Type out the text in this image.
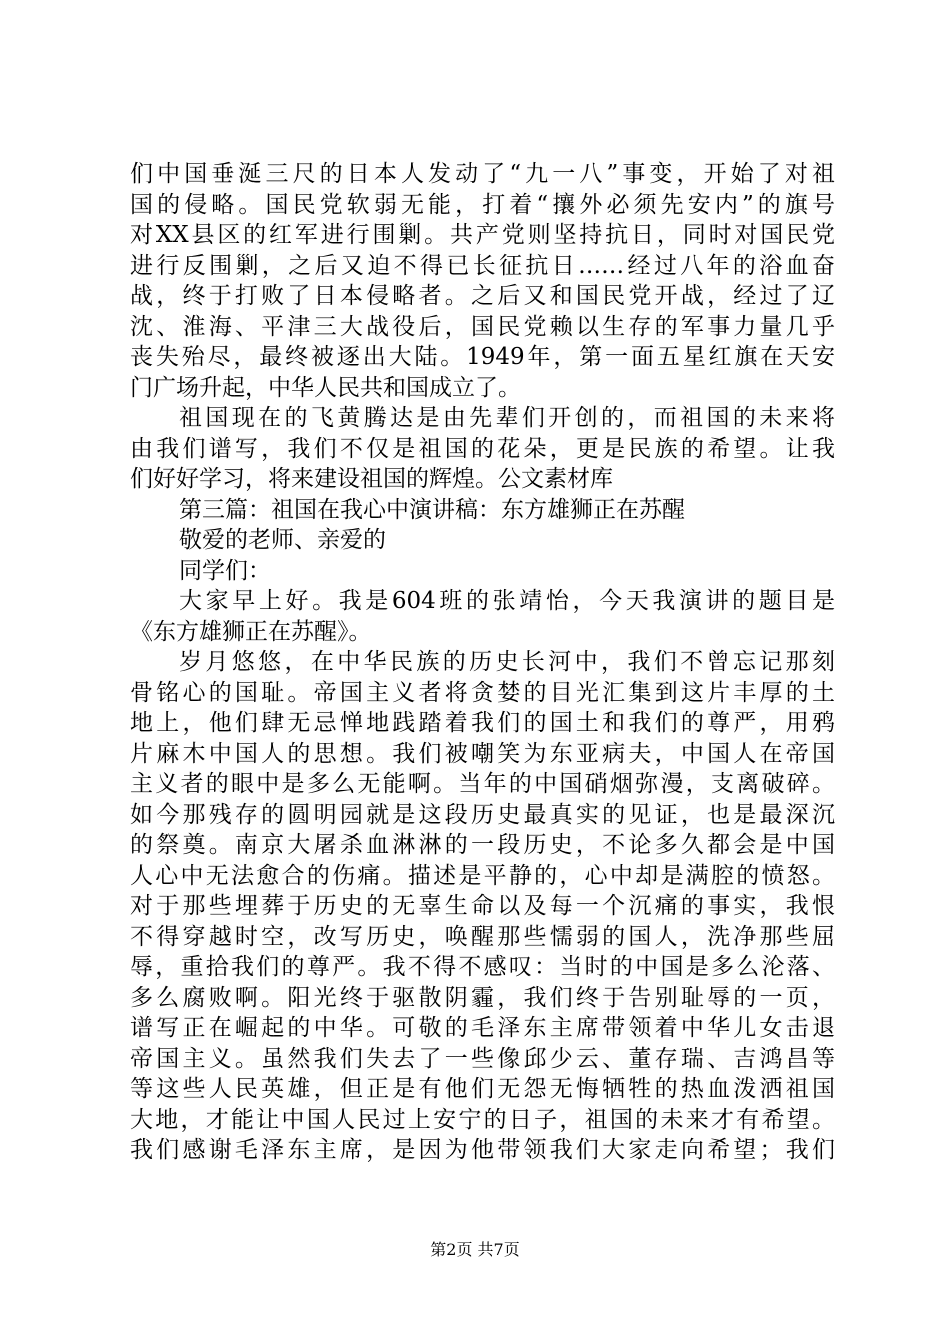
们中国垂涎三尺的日本人发动了“九一八”事变，开始了对祖
国的侵略。国民党软弱无能，打着“攘外必须先安内”的旗号
对XX县区的红军进行围剿。共产党则坚持抗日，同时对国民党
进行反围剿，之后又迫不得已长征抗日……经过八年的浴血奋
战，终于打败了日本侵略者。之后又和国民党开战，经过了辽
沈、淮海、平津三大战役后，国民党赖以生存的军事力量几乎
丧失殆尽，最终被逐出大陆。1949年，第一面五星红旗在天安
门广场升起，中华人民共和国成立了。
祖国现在的飞黄腾达是由先辈们开创的，而祖国的未来将
由我们谱写，我们不仅是祖国的花朵，更是民族的希望。让我
们好好学习，将来建设祖国的辉煌。公文素材库
第三篇：祖国在我心中演讲稿：东方雄狮正在苏醒
敬爱的老师、亲爱的
同学们：
大家早上好。我是604班的张靖怡，今天我演讲的题目是
《东方雄狮正在苏醒》。
岁月悠悠，在中华民族的历史长河中，我们不曾忘记那刻
骨铭心的国耻。帝国主义者将贪婪的目光汇集到这片丰厚的土
地上，他们肆无忌惮地践踏着我们的国土和我们的尊严，用鸦
片麻木中国人的思想。我们被嘲笑为东亚病夫，中国人在帝国
主义者的眼中是多么无能啊。当年的中国硝烟弥漫，支离破碎。
如今那残存的圆明园就是这段历史最真实的见证，也是最深沉
的祭奠。南京大屠杀血淋淋的一段历史，不论多久都会是中国
人心中无法愈合的伤痛。描述是平静的，心中却是满腔的愤怒。
对于那些埋葬于历史的无辜生命以及每一个沉痛的事实，我恨
不得穿越时空，改写历史，唤醒那些懦弱的国人，洗净那些屈
辱，重拾我们的尊严。我不得不感叹：当时的中国是多么沦落、
多么腐败啊。阳光终于驱散阴霾，我们终于告别耻辱的一页，
谱写正在崛起的中华。可敬的毛泽东主席带领着中华儿女击退
帝国主义。虽然我们失去了一些像邱少云、董存瑞、吉鸿昌等
等这些人民英雄，但正是有他们无怨无悔牺牲的热血泼洒祖国
大地，才能让中国人民过上安宁的日子，祖国的未来才有希望。
我们感谢毛泽东主席，是因为他带领我们大家走向希望；我们
第2页 共7页
